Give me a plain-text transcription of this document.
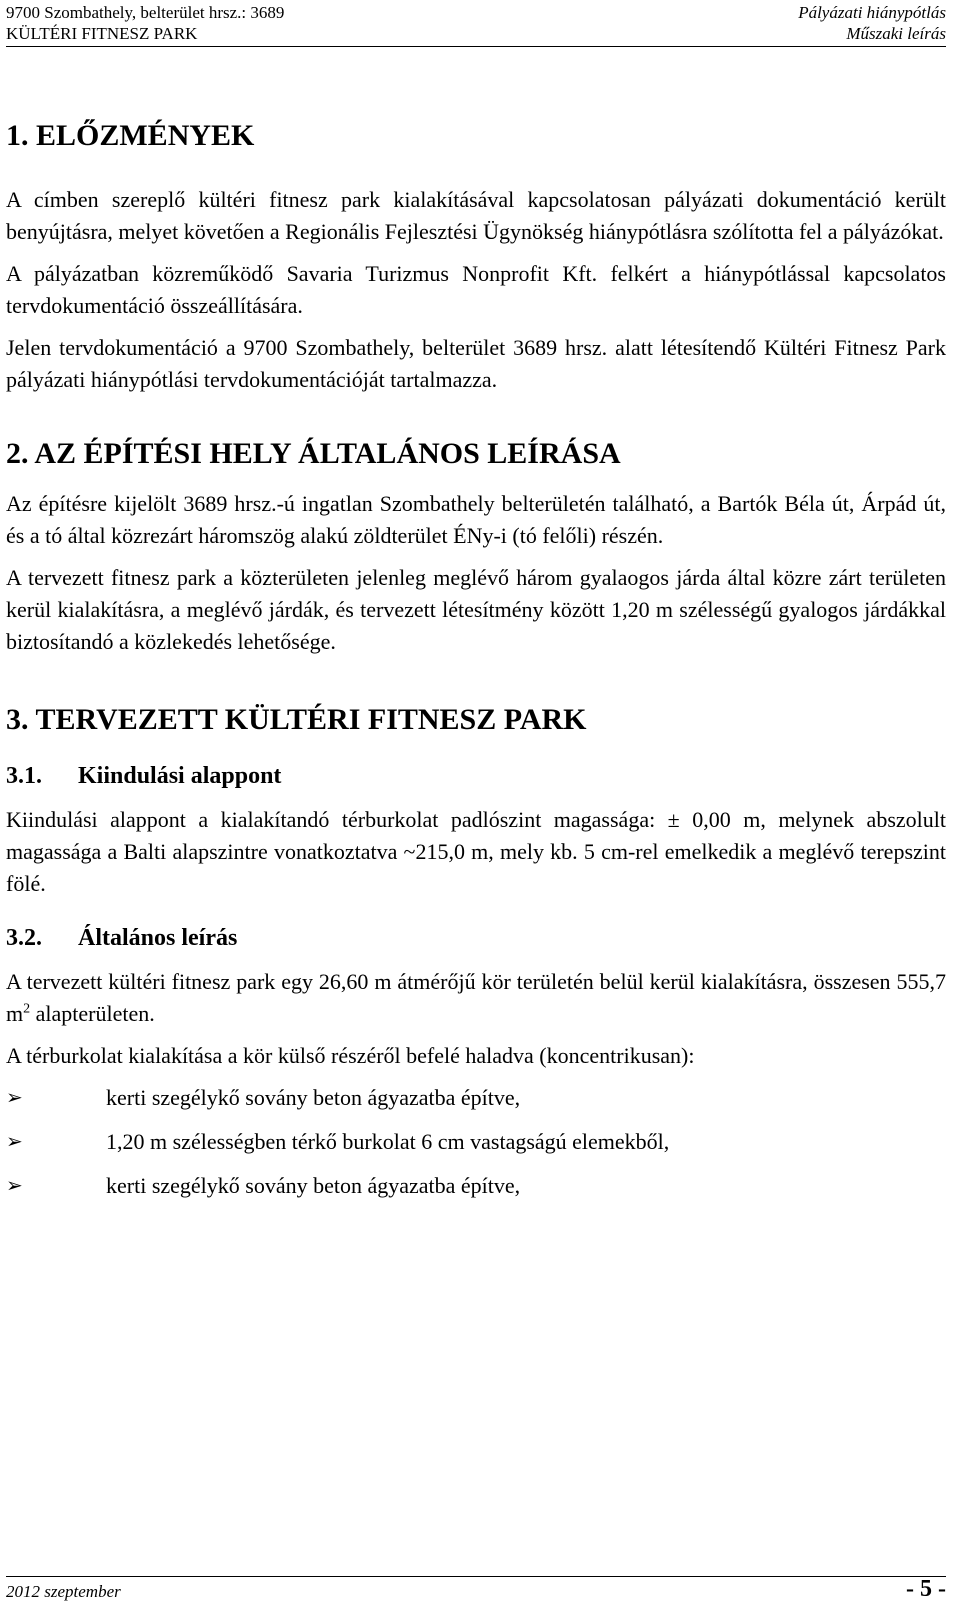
9700 Szombathely, belterület hrsz.: 3689
KÜLTÉRI FITNESZ PARK
Pályázati hiánypótlás
Műszaki leírás
1. ELŐZMÉNYEK

A címben szereplő kültéri fitnesz park kialakításával kapcsolatosan pályázati dokumentáció került benyújtásra, melyet követően a Regionális Fejlesztési Ügynökség hiánypótlásra szólította fel a pályázókat.

A pályázatban közreműködő Savaria Turizmus Nonprofit Kft. felkért a hiánypótlással kapcsolatos tervdokumentáció összeállítására.

Jelen tervdokumentáció a 9700 Szombathely, belterület 3689 hrsz. alatt létesítendő Kültéri Fitnesz Park pályázati hiánypótlási tervdokumentációját tartalmazza.

2. AZ ÉPÍTÉSI HELY ÁLTALÁNOS LEÍRÁSA

Az építésre kijelölt 3689 hrsz.-ú ingatlan Szombathely belterületén található, a Bartók Béla út, Árpád út, és a tó által közrezárt háromszög alakú zöldterület ÉNy-i (tó felőli) részén.

A tervezett fitnesz park a közterületen jelenleg meglévő három gyalaogos járda által közre zárt területen kerül kialakításra, a meglévő járdák, és tervezett létesítmény között 1,20 m szélességű gyalogos járdákkal biztosítandó a közlekedés lehetősége.

3. TERVEZETT KÜLTÉRI FITNESZ PARK
3.1.	Kiindulási alappont

Kiindulási alappont a kialakítandó térburkolat padlószint magassága: ± 0,00 m, melynek abszolult magassága a Balti alapszintre vonatkoztatva ~215,0 m, mely kb. 5 cm-rel emelkedik a meglévő terepszint fölé.

3.2.	Általános leírás

A tervezett kültéri fitnesz park egy 26,60 m átmérőjű kör területén belül kerül kialakításra, összesen 555,7 $m^2$ alapterületen.

A térburkolat kialakítása a kör külső részéről befelé haladva (koncentrikusan):

➢	kerti szegélykő sovány beton ágyazatba építve,
➢	1,20 m szélességben térkő burkolat 6 cm vastagságú elemekből,
➢	kerti szegélykő sovány beton ágyazatba építve,
2012 szeptember	- 5 -
